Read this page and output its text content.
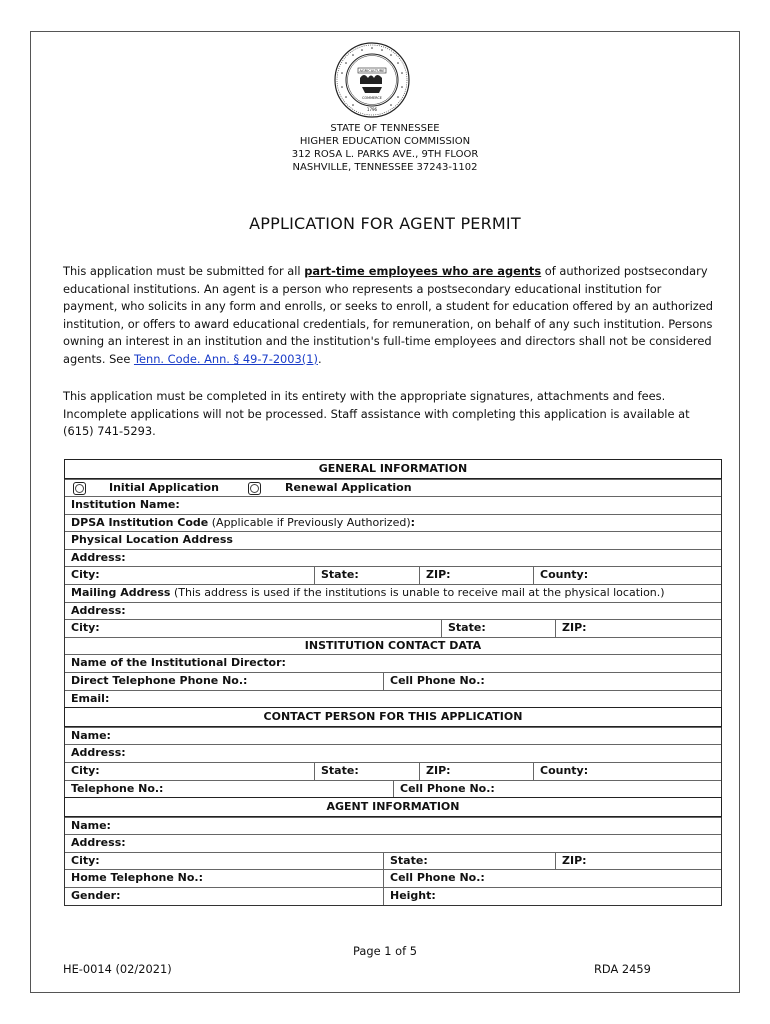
AGRICULTURE
COMMERCE
1796
STATE OF TENNESSEE
HIGHER EDUCATION COMMISSION
312 ROSA L. PARKS AVE., 9TH FLOOR
NASHVILLE, TENNESSEE 37243-1102
APPLICATION FOR AGENT PERMIT
This application must be submitted for all part-time employees who are agents of authorized postsecondary educational institutions. An agent is a person who represents a postsecondary educational institution for payment, who solicits in any form and enrolls, or seeks to enroll, a student for education offered by an authorized institution, or offers to award educational credentials, for remuneration, on behalf of any such institution. Persons owning an interest in an institution and the institution's full-time employees and directors shall not be considered agents. See Tenn. Code. Ann. § 49-7-2003(1).
This application must be completed in its entirety with the appropriate signatures, attachments and fees. Incomplete applications will not be processed. Staff assistance with completing this application is available at (615) 741-5293.
GENERAL INFORMATION
Initial Application	Renewal Application
Institution Name:
DPSA Institution Code (Applicable if Previously Authorized):
Physical Location Address
Address:
City:	State:	ZIP:	County:
Mailing Address (This address is used if the institutions is unable to receive mail at the physical location.)
Address:
City:	State:	ZIP:
INSTITUTION CONTACT DATA
Name of the Institutional Director:
Direct Telephone Phone No.:	Cell Phone No.:
Email:
CONTACT PERSON FOR THIS APPLICATION
Name:
Address:
City:	State:	ZIP:	County:
Telephone No.:	Cell Phone No.:
AGENT INFORMATION
Name:
Address:
City:	State:	ZIP:
Home Telephone No.:	Cell Phone No.:
Gender:	Height:
Page 1 of 5
HE-0014 (02/2021)	RDA 2459
